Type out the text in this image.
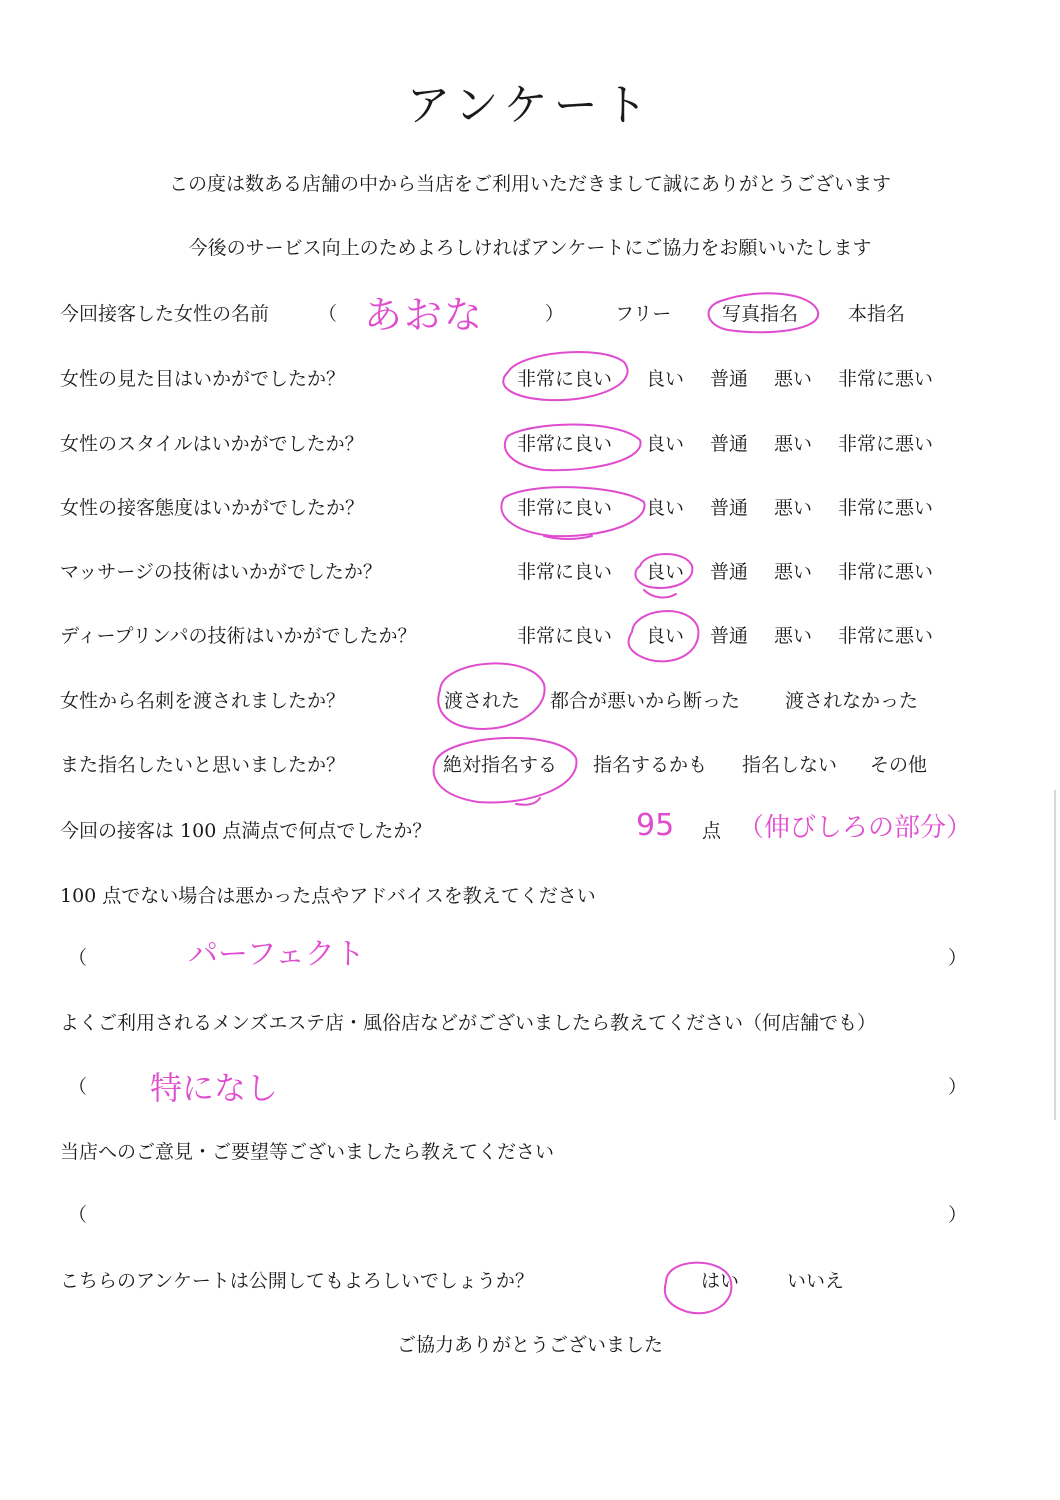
アンケート
この度は数ある店舗の中から当店をご利用いただきまして誠にありがとうございます
今後のサービス向上のためよろしければアンケートにご協力をお願いいたします
今回接客した女性の名前	（ あおな	）	フリー	写真指名	本指名
女性の見た目はいかがでしたか？	非常に良い 良い 普通 悪い 非常に悪い
女性のスタイルはいかがでしたか？	非常に良い 良い 普通 悪い 非常に悪い
女性の接客態度はいかがでしたか？	非常に良い 良い 普通 悪い 非常に悪い
マッサージの技術はいかがでしたか？	非常に良い 良い 普通 悪い 非常に悪い
ディープリンパの技術はいかがでしたか？	非常に良い 良い 普通 悪い 非常に悪い
女性から名刺を渡されましたか？	渡された 都合が悪いから断った 渡されなかった
また指名したいと思いましたか？	絶対指名する 指名するかも 指名しない その他
今回の接客は 100 点満点で何点でしたか？	95 点 （伸びしろの部分）
100 点でない場合は悪かった点やアドバイスを教えてください
（	パーフェクト	）
よくご利用されるメンズエステ店・風俗店などがございましたら教えてください（何店舗でも）
（ 特になし	）
当店へのご意見・ご要望等ございましたら教えてください
（	）
こちらのアンケートは公開してもよろしいでしょうか？	はい	いいえ
ご協力ありがとうございました
